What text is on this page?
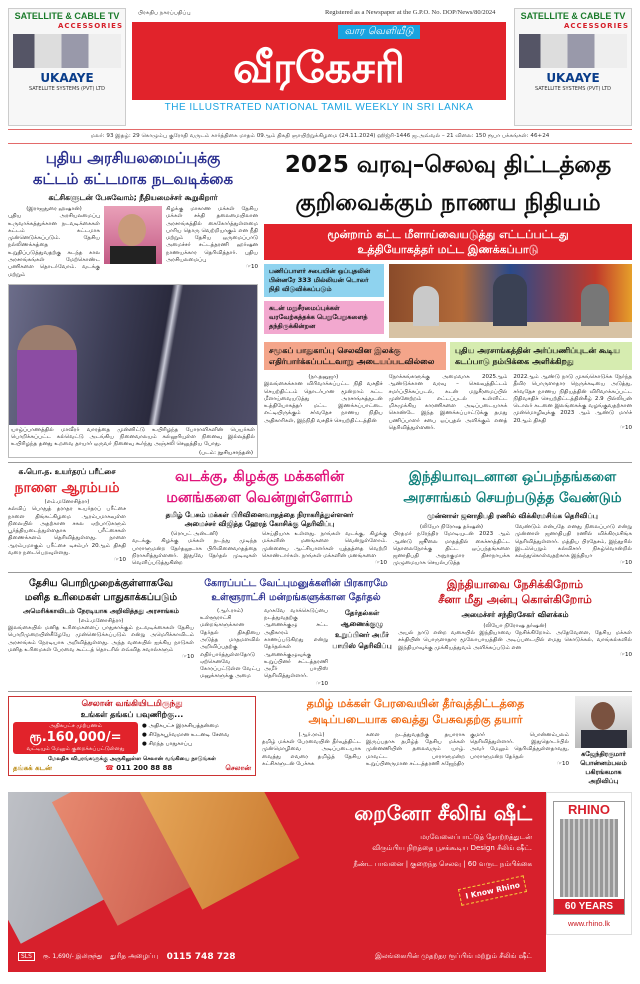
SATELLITE & CABLE TV
ACCESSORIES
UKAAYE
SATELLITE SYSTEMS (PVT) LTD
SATELLITE & CABLE TV
ACCESSORIES
UKAAYE
SATELLITE SYSTEMS (PVT) LTD
பிரசுதிப நகரப்பதிப்பு	Registered as a Newspaper at the G.P.O. No. DOP/News/80/2024
வார வெளியீடு
வீரகேசரி
THE ILLUSTRATED NATIONAL TAMIL WEEKLY IN SRI LANKA
மலர்: 93 இதழ்: 29 கொழும்பு குரோதி வருடம் கார்த்திகை மாதம் 09ஆம் திகதி ஞாயிற்றுக்கிழமை (24.11.2024) ஹிஜ்ரி-1446 ஜ.அவ்வல் – 21 விலை: 150 ரூபா பக்கங்கள்: 46+24
புதிய அரசியலமைப்புக்கு
கட்டம் கட்டமாக நடவடிக்கை
கட்சிகளுடன் பேசுவோம்; நீதியமைச்சர் கூறுகிறார்
(இராஜதுரை ஹஷான்)
புதிய அரசியலமைப்பு உருவாக்கத்துக்கான நடவடிக்கைகள் கட்டம் கட்டமாக முன்னெடுக்கப்படும். தேசிய நல்லிணக்கத்தை உறுதிப்படுத்துவதற்கு கடந்த கால அரசாங்கங்கள் மேற்கொண்ட பணிகளை தொடர்வோம். வடக்கு மற்றும்
கிழக்கு மாகாண மக்கள் தேசிய மக்கள் சக்தி தலைமையிலான அரசாங்கத்தில் கைகோர்த்துள்ளமை பாரிய தொரு வெற்றியாகும் என நீதி மற்றும் தேசிய ஒருமைப்பாடு அமைச்சர் சட்டத்தரணி ஹர்ஷன நாணயக்கார தெரிவித்தார். புதிய அரசியலமைப்பு
☞10
யாழ்ப்பாணத்தில் மாவீரர் வாரத்தை முன்னிட்டு உயிரிழந்த போராளிகளின் பெயர்கள் பொறிக்கப்பட்ட கல்வெட்டு அடங்கிய நினைவாலயம் கல்லூரியுள்ள நினைவு இல்லத்தில் உயிரிழந்த தனது உறவை தாயார் ஒருவர் நினைவு கூர்ந்து அஞ்சலி செலுத்திய போது.
(படம்: நூசியசாந்தன்)
2025 வரவு–செலவு திட்டத்தை
குறிவைக்கும் நாணய நிதியம்
மூன்றாம் கட்ட மீளாய்வையடுத்து எட்டப்பட்டது
உத்தியோகத்தர் மட்ட இணக்கப்பாடு
பணிப்பாளர் சபையின் ஒப்புதலின் பின்னரே 333 மில்லியன் டொலர் நிதி விடுவிக்கப்படும்
கடன் மறுசீரமைப்புக்கள் வரவேற்கத்தக்க பெறுபேறுகளைத் தந்திருக்கின்றன
சமூகப் பாதுகாப்பு செலவின இலக்கு எதிர்பார்க்கப்பட்டவாறு அடையப்படவில்லை
புதிய அரசாங்கத்தின் அர்ப்பணிப்புடன் கூடிய கடப்பாடு நம்பிக்கை அளிக்கிறது
(நா.தனுஜா)
இலங்கைக்கான விரிவாக்கப்பட்ட நிதி வசதிச் செயற்திட்டம் தொடர்பான மூன்றாம் கட்ட மீளாய்வையடுத்து அரசாங்கத்துடன் உத்தியோகத்தர் மட்ட இணக்கப்பாட்டை எட்டியிருக்கும் சர்வதேச நாணய நிதிய அதிகாரிகள், இந்நிதி வசதிச் செயற்திட்டத்தின்
நோக்கங்களுக்கு அமைவாக 2025ஆம் ஆண்டுக்கான வரவு – செலவுத்திட்டம் சமர்ப்பிக்கப்படல், கடன் மறுசீரமைப்பில் முன்னேற்றம் எட்டப்படல் உள்ளிட்ட மிகமுக்கிய காரணிகளை அடிப்படையாகக் கொண்டே இந்த இணக்கப்பாட்டுக்கு தமது பணிப்பாளர் சபை ஒப்புதல் அளிக்கும் எனத் தெரிவித்துள்ளனர்.
2022ஆம் ஆண்டு நாடு முகங்கொடுக்க நேர்ந்த தீவிர பொருளாதார நெருக்கடியை அடுத்து, சர்வதேச நாணய நிதியத்தின் விரிவாக்கப்பட்ட நிதிவசதிச் செயற்திட்டத்தின்கீழ் 2.9 பில்லியன் டொலர் கடனை இலங்கைக்கு வழங்குவதற்கான முன்மொழிவுக்கு 2023 ஆம் ஆண்டு மார்ச் 20ஆம் திகதி
☞10
க.பொ.த. உயர்தரப் பரீட்சை
நாளை ஆரம்பம்
(எம்.மனோசித்ரா)
கல்விப் பொதுத் தராதர உயர்தரப் பரீட்சை நாளை திங்கட்கிழமை ஆரம்பமாகவுள்ள நிலையில் அதற்கான சகல ஏற்பாடுகளும் பூர்த்தியடைந்துள்ளதாக பரீட்சைகள் திணைக்களம் தெரிவித்துள்ளது. நாளை ஆரம்பமாகும் பரீட்சை டிசம்பர் 20ஆம் திகதி வரை நடைபெறவுள்ளது.
☞10
வடக்கு, கிழக்கு மக்களின்
மனங்களை வென்றுள்ளோம்
தமிழ் பேசும் மக்கள் பிரிவினைவாதத்தை நிராகரித்துள்ளனர்
அமைச்சர் விஜித்த ஹேரத் கோசிக்கு தெரிவிப்பு
(ரொபட் அன்டனி)
வடக்கு, கிழக்கு மக்கள் நடந்து முடிந்த பாராளுமன்ற தேர்தலூடாக பிரிவினைவாதத்தை நிராகரித்துள்ளனர். இதுவே தேர்தல் முடிவுகள் வெளிப்படுத்துகின்ற
செய்தியாக உள்ளது. நாங்கள் வடக்கு, கிழக்கு மக்களின் மனங்களை வென்றுள்ளோம். முன்னைய ஆட்சியாளர்கள் யுத்தத்தை வெற்றி கொண்டார்கள். நாங்கள் மக்களின் மனங்களை
☞10
இந்தியாவுடனான ஒப்பந்தங்களை
அரசாங்கம் செயற்படுத்த வேண்டும்
முன்னாள் ஜனாதிபதி ரணில் விக்கிரமசிங்க தெரிவிப்பு
(லியோ நிரோஷ தர்ஷன்)
பிரதமர் நரேந்திர மோடியுடன் 2023 ஆம் ஆண்டு ஜூலை மாதத்தில் கைச்சாத்திட்ட தொலைநோக்கு திட்ட ஒப்பந்தங்களை ஜனாதிபதி அநுரகுமார திசாநாயக்க முழுமையாக செயல்படுத்த
வேண்டும் என்பதே எனது நிலைப்பாடு என்று முன்னாள் ஜனாதிபதி ரணில் விக்கிரமசிங்க தெரிவித்துள்ளார். மத்திய பிரதேசம், இந்தூரில் இடம்பெறும் கல்விசார் நிகழ்வொன்றில் கலந்துகொள்வதற்காக இந்தியா
☞10
தேசிய பொறிமுறைக்குள்ளாகவே
மனித உரிமைகள் பாதுகாக்கப்படும்
அமெரிக்காவிடம் நேரடியாக அறிவித்தது அரசாங்கம்
(எம்.மனோசித்ரா)
இலங்கையில் மனித உரிமைகளைப் பாதுகாக்கும் நடவடிக்கைகள் தேசிய பொறிமுறையின்கீழேயே முன்னெடுக்கப்படும் என்று அமெரிக்காவிடம் அரசாங்கம் நேரடியாக அறிவித்துள்ளது. அந்த வகையில் ஐக்கிய நாடுகள் மனித உரிமைகள் பேரவை கூட்டத் தொடரில் எவ்வித சவால்களும்
☞10
கோரப்பட்ட வேட்புமனுக்களின் பிரகாரமே
உள்ளூராட்சி மன்றங்களுக்கான தேர்தல்
(ஆர்.ராம்)
உள்ளூராட்சி மன்றங்களுக்கான தேர்தல் திகதியை அடுத்த மாதமளவில் அறிவிப்பதற்கு எதிர்பார்த்துள்ளதோடு ஏற்கெனவே கோரப்பட்டுள்ள வேட்பு மனுக்களுக்கு அமை
வாகவே வாக்கெடுப்பை நடத்துவதற்கு ஆணைக்குழு சட்ட அதிகாரம் காணப்படுகிறது என்று தேர்தல்கள் ஆணைக்குழுவுக்கு உறுப்பினர் சட்டத்தரணி அமீர் பாயிஸ் தெரிவித்துள்ளார்.
☞10
தேர்தல்கள் ஆணைக்குழு உறுப்பினர் அமீர் பாயிஸ் தெரிவிப்பு
இந்தியாவை நேசிக்கிறோம்
சீனா மீது அன்பு கொள்கிறோம்
அமைச்சர் சந்திரசேகர் விளக்கம்
(லியோ நிரோஷ தர்ஷன்)
அயல் நாடு என்ற வகையில் இந்தியாவை நேசிக்கிறோம். அதேவேளை, தேசிய மக்கள் சக்தியின் பொருளாதார மூலோபாயத்தின் அடிப்படையில் எமது கொடுக்கல், வாங்கல்களில் இந்தியாவுக்கு முக்கியத்துவம் அளிக்கப்படும் என
☞10
செலான் வங்கியிடமிருந்து
உங்கள் தங்கப் பவுணிற்கு...
அதிகபட்ச முற்பணம்
ரூ.160,000/=
வட்டியும் மேலும் குறைக்கப்பட்டுள்ளது
● அதிகபட்ச இரகசியத்தன்மை
● சிநேகபூர்வமான உடனடி சேவை
● சிறந்த பாதுகாப்பு
மேலதிக விபரங்களுக்கு அருகிலுள்ள செலான் வங்கியை நாடுங்கள்
தங்கக் கடன்	☎ 011 200 88 88	செலான்
தமிழ் மக்கள் பேரவையின் தீர்வுத்திட்டத்தை
அடிப்படையாக வைத்து பேசுவதற்கு தயார்
(ஆர்.ராம்)
தமிழ் மக்கள் பேரவையின் தீர்வுத்திட்ட முன்மொழிவை அடிப்படையாக வைத்து எவரை தமிழ்த் தேசிய கட்சிகளுடன் பேச்சுக
களை நடத்துவதற்கு தயாராக இருப்பதாக தமிழ்த் தேசிய மக்கள் முன்னணியின் தலைவரும் யாழ். மாவட்ட பாராளுமன்ற உறுப்பினருமான சட்டத்தரணி கஜேந்திர
குமார் பொன்னம்பலம் தெரிவித்துள்ளார். இதுதொடர்பில் அவர் மேலும் தெரிவித்துள்ளதாவது, பாராளுமன்ற தேர்தல்
☞10
கஜேந்திரகுமார் பொன்னம்பலம் பகிரங்கமாக அறிவிப்பு
றைனோ சீலிங் ஷீட்
மரவேலைப்பாட்டுத் தோற்றத்துடன்
விரும்பிய நிறத்தை பூசக்கூடிய Design சீலிங் ஷீட்.
நீண்ட பாவனை | குறைந்த செலவு | 60 வருட நம்பிக்கை
I Know Rhino
SLS	ரூ. 1,690/- இலிருந்து துரித அழைப்பு 0115 748 728	இலங்கையின் முதற்தர ரூப்பிங் மற்றும் சீலிங் ஷீட்
RHINO
60 YEARS
www.rhino.lk
